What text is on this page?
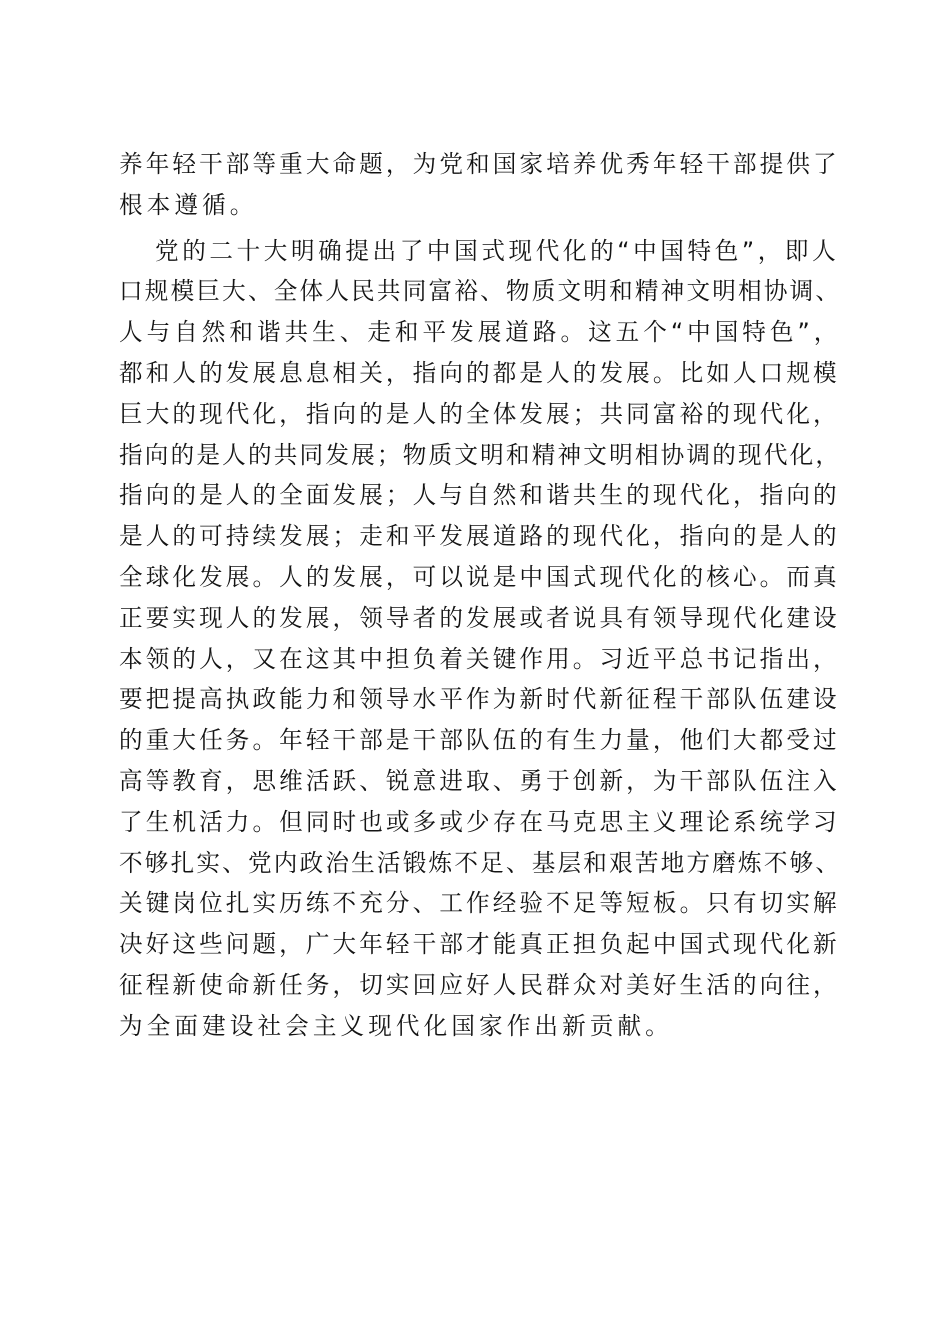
养年轻干部等重大命题，为党和国家培养优秀年轻干部提供了
根本遵循。
党的二十大明确提出了中国式现代化的“中国特色”，即人
口规模巨大、全体人民共同富裕、物质文明和精神文明相协调、
人与自然和谐共生、走和平发展道路。这五个“中国特色”，
都和人的发展息息相关，指向的都是人的发展。比如人口规模
巨大的现代化，指向的是人的全体发展；共同富裕的现代化，
指向的是人的共同发展；物质文明和精神文明相协调的现代化，
指向的是人的全面发展；人与自然和谐共生的现代化，指向的
是人的可持续发展；走和平发展道路的现代化，指向的是人的
全球化发展。人的发展，可以说是中国式现代化的核心。而真
正要实现人的发展，领导者的发展或者说具有领导现代化建设
本领的人，又在这其中担负着关键作用。习近平总书记指出，
要把提高执政能力和领导水平作为新时代新征程干部队伍建设
的重大任务。年轻干部是干部队伍的有生力量，他们大都受过
高等教育，思维活跃、锐意进取、勇于创新，为干部队伍注入
了生机活力。但同时也或多或少存在马克思主义理论系统学习
不够扎实、党内政治生活锻炼不足、基层和艰苦地方磨炼不够、
关键岗位扎实历练不充分、工作经验不足等短板。只有切实解
决好这些问题，广大年轻干部才能真正担负起中国式现代化新
征程新使命新任务，切实回应好人民群众对美好生活的向往，
为全面建设社会主义现代化国家作出新贡献。
